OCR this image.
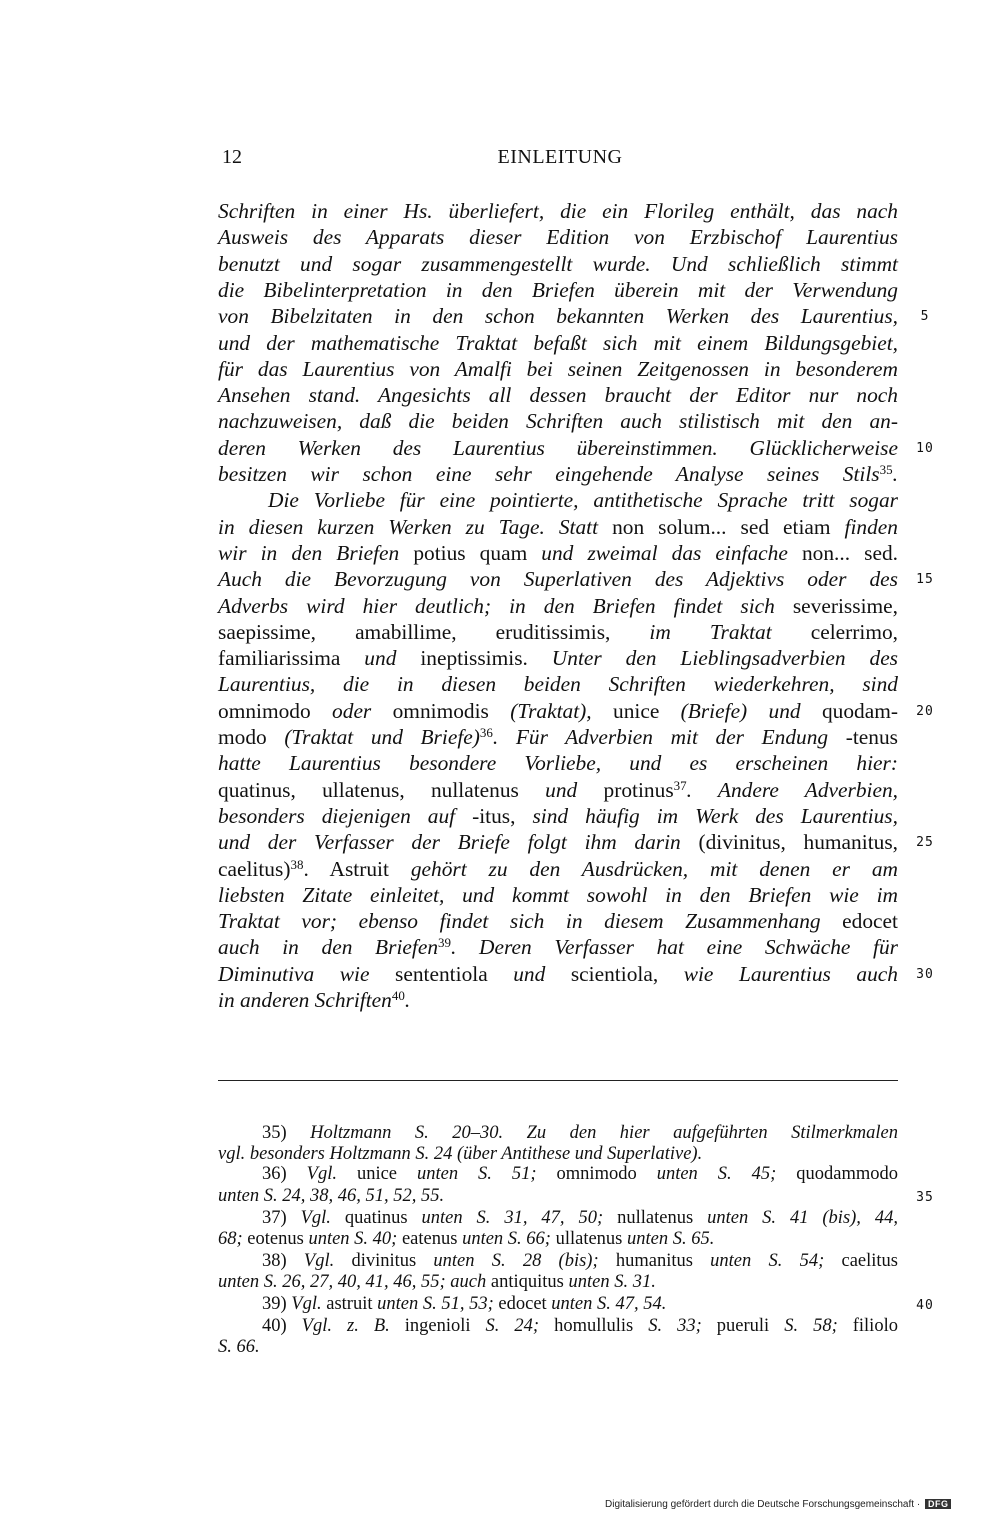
12	EINLEITUNG
Schriften in einer Hs. überliefert, die ein Florileg enthält, das nach
Ausweis des Apparats dieser Edition von Erzbischof Laurentius
benutzt und sogar zusammengestellt wurde. Und schließlich stimmt
die Bibelinterpretation in den Briefen überein mit der Verwendung
von Bibelzitaten in den schon bekannten Werken des Laurentius,
und der mathematische Traktat befaßt sich mit einem Bildungsgebiet,
für das Laurentius von Amalfi bei seinen Zeitgenossen in besonderem
Ansehen stand. Angesichts all dessen braucht der Editor nur noch
nachzuweisen, daß die beiden Schriften auch stilistisch mit den an-
deren Werken des Laurentius übereinstimmen. Glücklicherweise
besitzen wir schon eine sehr eingehende Analyse seines Stils$^{35}$.
Die Vorliebe für eine pointierte, antithetische Sprache tritt sogar
in diesen kurzen Werken zu Tage. Statt non solum... sed etiam finden
wir in den Briefen potius quam und zweimal das einfache non... sed.
Auch die Bevorzugung von Superlativen des Adjektivs oder des
Adverbs wird hier deutlich; in den Briefen findet sich severissime,
saepissime, amabillime, eruditissimis, im Traktat celerrimo,
familiarissima und ineptissimis. Unter den Lieblingsadverbien des
Laurentius, die in diesen beiden Schriften wiederkehren, sind
omnimodo oder omnimodis (Traktat), unice (Briefe) und quodam-
modo (Traktat und Briefe)$^{36}$. Für Adverbien mit der Endung -tenus
hatte Laurentius besondere Vorliebe, und es erscheinen hier:
quatinus, ullatenus, nullatenus und protinus$^{37}$. Andere Adverbien,
besonders diejenigen auf -itus, sind häufig im Werk des Laurentius,
und der Verfasser der Briefe folgt ihm darin (divinitus, humanitus,
caelitus)$^{38}$. Astruit gehört zu den Ausdrücken, mit denen er am
liebsten Zitate einleitet, und kommt sowohl in den Briefen wie im
Traktat vor; ebenso findet sich in diesem Zusammenhang edocet
auch in den Briefen$^{39}$. Deren Verfasser hat eine Schwäche für
Diminutiva wie sententiola und scientiola, wie Laurentius auch
in anderen Schriften$^{40}$.
5
10
15
20
25
30
35) Holtzmann S. 20–30. Zu den hier aufgeführten Stilmerkmalen
vgl. besonders Holtzmann S. 24 (über Antithese und Superlative).
36) Vgl. unice unten S. 51; omnimodo unten S. 45; quodammodo
unten S. 24, 38, 46, 51, 52, 55.
37) Vgl. quatinus unten S. 31, 47, 50; nullatenus unten S. 41 (bis), 44,
68; eotenus unten S. 40; eatenus unten S. 66; ullatenus unten S. 65.
38) Vgl. divinitus unten S. 28 (bis); humanitus unten S. 54; caelitus
unten S. 26, 27, 40, 41, 46, 55; auch antiquitus unten S. 31.
39) Vgl. astruit unten S. 51, 53; edocet unten S. 47, 54.
40) Vgl. z. B. ingenioli S. 24; homullulis S. 33; pueruli S. 58; filiolo
S. 66.
35
40
Digitalisierung gefördert durch die Deutsche Forschungsgemeinschaft · DFG
